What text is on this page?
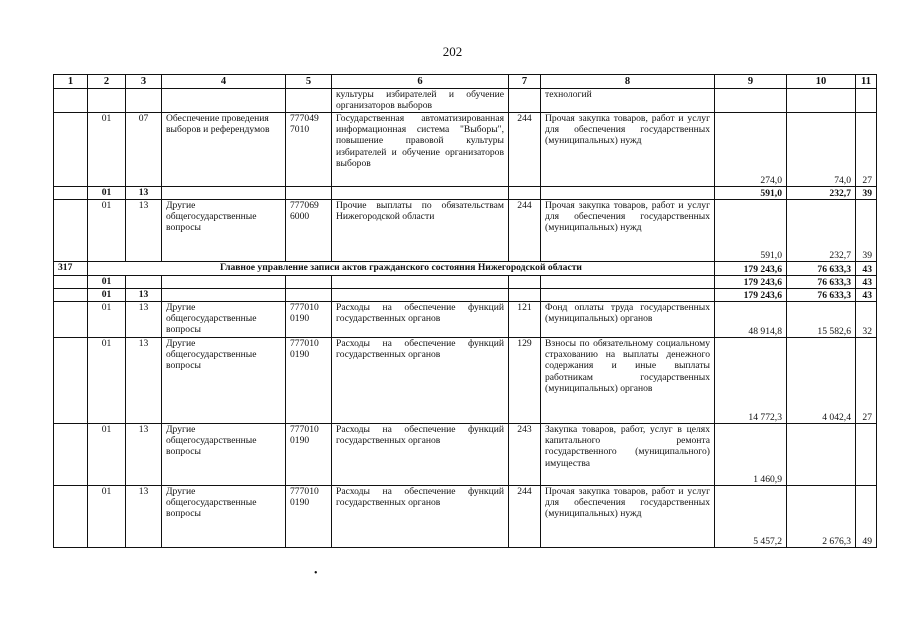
202
1	2	3	4	5	6	7	8	9	10	11
					культуры избирателей и обучение организаторов выборов		технологий			
	01	07	Обеспечение проведения выборов и референдумов	777049 7010	Государственная автоматизированная информационная система "Выборы", повышение правовой культуры избирателей и обучение организаторов выборов	244	Прочая закупка товаров, работ и услуг для обеспечения государственных (муниципальных) нужд	274,0	74,0	27
	01	13						591,0	232,7	39
	01	13	Другие общегосударственные вопросы	777069 6000	Прочие выплаты по обязательствам Нижегородской области	244	Прочая закупка товаров, работ и услуг для обеспечения государственных (муниципальных) нужд	591,0	232,7	39
317	Главное управление записи актов гражданского состояния Нижегородской области							179 243,6	76 633,3	43
	01							179 243,6	76 633,3	43
	01	13						179 243,6	76 633,3	43
	01	13	Другие общегосударственные вопросы	777010 0190	Расходы на обеспечение функций государственных органов	121	Фонд оплаты труда государственных (муниципальных) органов	48 914,8	15 582,6	32
	01	13	Другие общегосударственные вопросы	777010 0190	Расходы на обеспечение функций государственных органов	129	Взносы по обязательному социальному страхованию на выплаты денежного содержания и иные выплаты работникам государственных (муниципальных) органов	14 772,3	4 042,4	27
	01	13	Другие общегосударственные вопросы	777010 0190	Расходы на обеспечение функций государственных органов	243	Закупка товаров, работ, услуг в целях капитального ремонта государственного (муниципального) имущества	1 460,9		
	01	13	Другие общегосударственные вопросы	777010 0190	Расходы на обеспечение функций государственных органов	244	Прочая закупка товаров, работ и услуг для обеспечения государственных (муниципальных) нужд	5 457,2	2 676,3	49
•
